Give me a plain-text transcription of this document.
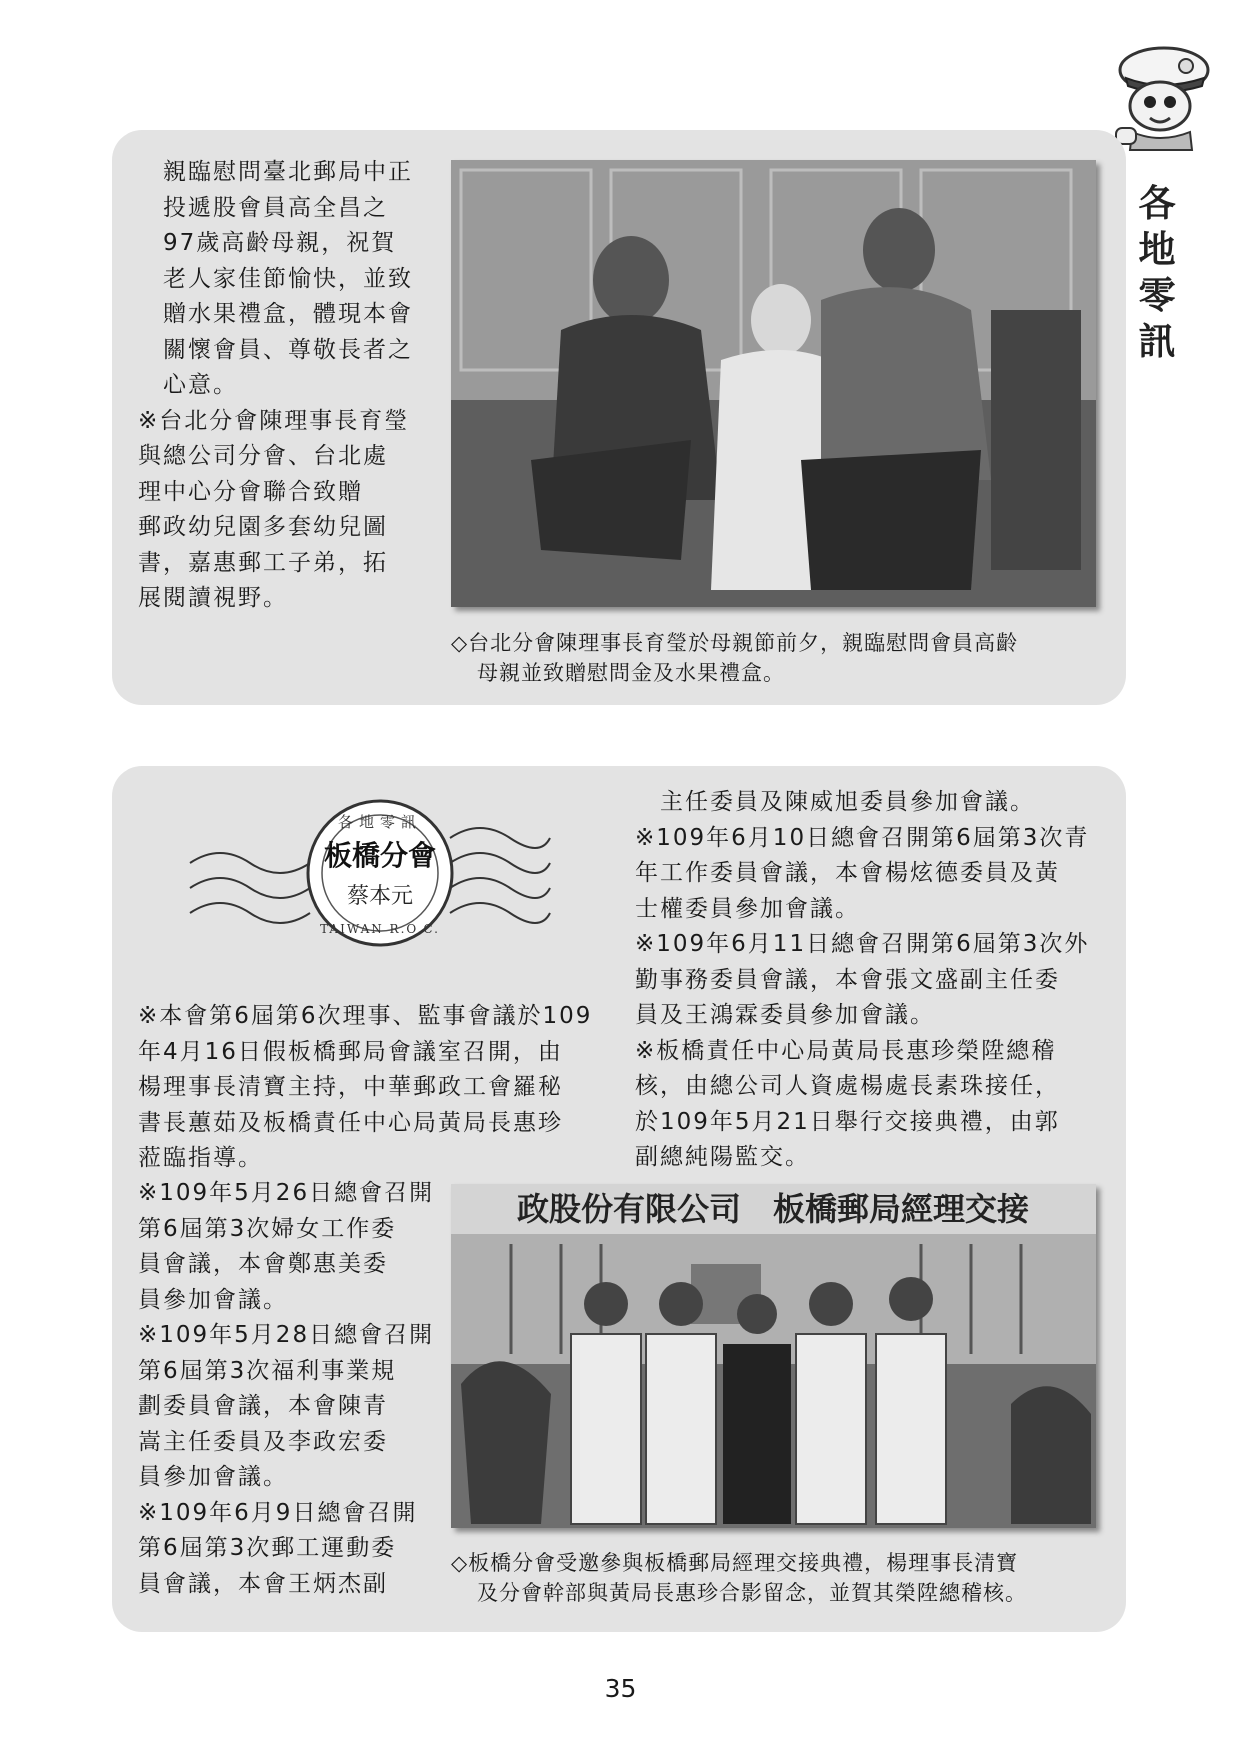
各
地
零
訊
親臨慰問臺北郵局中正
投遞股會員高全昌之
97歲高齡母親，祝賀
老人家佳節愉快，並致
贈水果禮盒，體現本會
關懷會員、尊敬長者之
心意。
※台北分會陳理事長育瑩
與總公司分會、台北處
理中心分會聯合致贈
郵政幼兒園多套幼兒圖
書，嘉惠郵工子弟，拓
展閱讀視野。
◇台北分會陳理事長育瑩於母親節前夕，親臨慰問會員高齡
母親並致贈慰問金及水果禮盒。
各地零訊
板橋分會
蔡本元
TAIWAN R.O.C.
※本會第6屆第6次理事、監事會議於109
年4月16日假板橋郵局會議室召開，由
楊理事長清寶主持，中華郵政工會羅秘
書長蕙茹及板橋責任中心局黃局長惠珍
蒞臨指導。
※109年5月26日總會召開
第6屆第3次婦女工作委
員會議，本會鄭惠美委
員參加會議。
※109年5月28日總會召開
第6屆第3次福利事業規
劃委員會議，本會陳青
嵩主任委員及李政宏委
員參加會議。
※109年6月9日總會召開
第6屆第3次郵工運動委
員會議，本會王炳杰副
主任委員及陳威旭委員參加會議。
※109年6月10日總會召開第6屆第3次青
年工作委員會議，本會楊炫德委員及黃
士權委員參加會議。
※109年6月11日總會召開第6屆第3次外
勤事務委員會議，本會張文盛副主任委
員及王鴻霖委員參加會議。
※板橋責任中心局黃局長惠珍榮陞總稽
核，由總公司人資處楊處長素珠接任，
於109年5月21日舉行交接典禮，由郭
副總純陽監交。
政股份有限公司　板橋郵局經理交接
◇板橋分會受邀參與板橋郵局經理交接典禮，楊理事長清寶
及分會幹部與黃局長惠珍合影留念，並賀其榮陞總稽核。
35
